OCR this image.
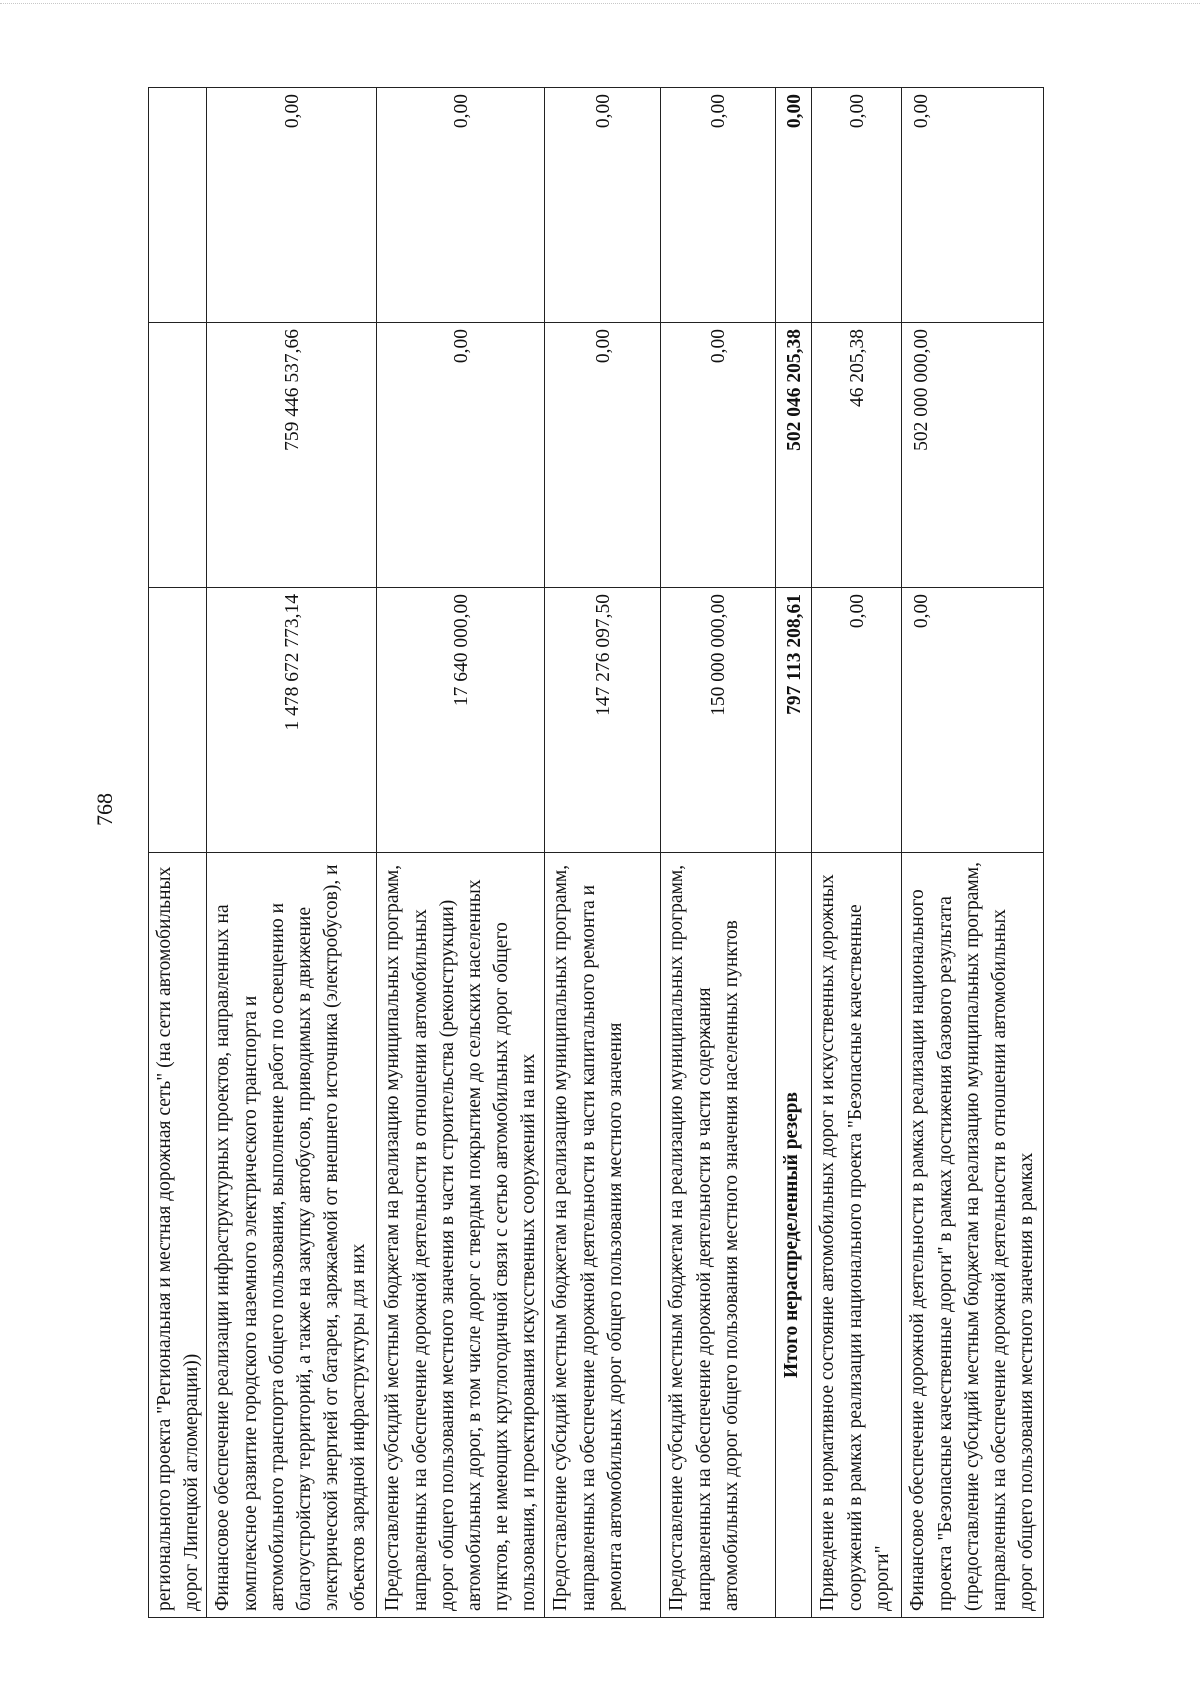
768
регионального проекта "Региональная и местная дорожная сеть" (на сети автомобильных дорог Липецкой агломерации))			
Финансовое обеспечение реализации инфраструктурных проектов, направленных на комплексное развитие городского наземного электрического транспорта и автомобильного транспорта общего пользования, выполнение работ по освещению и благоустройству территорий, а также на закупку автобусов, приводимых в движение электрической энергией от батареи, заряжаемой от внешнего источника (электробусов), и объектов зарядной инфраструктуры для них	1 478 672 773,14	759 446 537,66	0,00
Предоставление субсидий местным бюджетам на реализацию муниципальных программ, направленных на обеспечение дорожной деятельности в отношении автомобильных дорог общего пользования местного значения в части строительства (реконструкции) автомобильных дорог, в том числе дорог с твердым покрытием до сельских населенных пунктов, не имеющих круглогодичной связи с сетью автомобильных дорог общего пользования, и проектирования искусственных сооружений на них	17 640 000,00	0,00	0,00
Предоставление субсидий местным бюджетам на реализацию муниципальных программ, направленных на обеспечение дорожной деятельности в части капитального ремонта и ремонта автомобильных дорог общего пользования местного значения	147 276 097,50	0,00	0,00
Предоставление субсидий местным бюджетам на реализацию муниципальных программ, направленных на обеспечение дорожной деятельности в части содержания автомобильных дорог общего пользования местного значения населенных пунктов	150 000 000,00	0,00	0,00
Итого нераспределенный резерв	797 113 208,61	502 046 205,38	0,00
Приведение в нормативное состояние автомобильных дорог и искусственных дорожных сооружений в рамках реализации национального проекта "Безопасные качественные дороги"	0,00	46 205,38	0,00
Финансовое обеспечение дорожной деятельности в рамках реализации национального проекта "Безопасные качественные дороги" в рамках достижения базового результата (предоставление субсидий местным бюджетам на реализацию муниципальных программ, направленных на обеспечение дорожной деятельности в отношении автомобильных дорог общего пользования местного значения в рамках	0,00	502 000 000,00	0,00
